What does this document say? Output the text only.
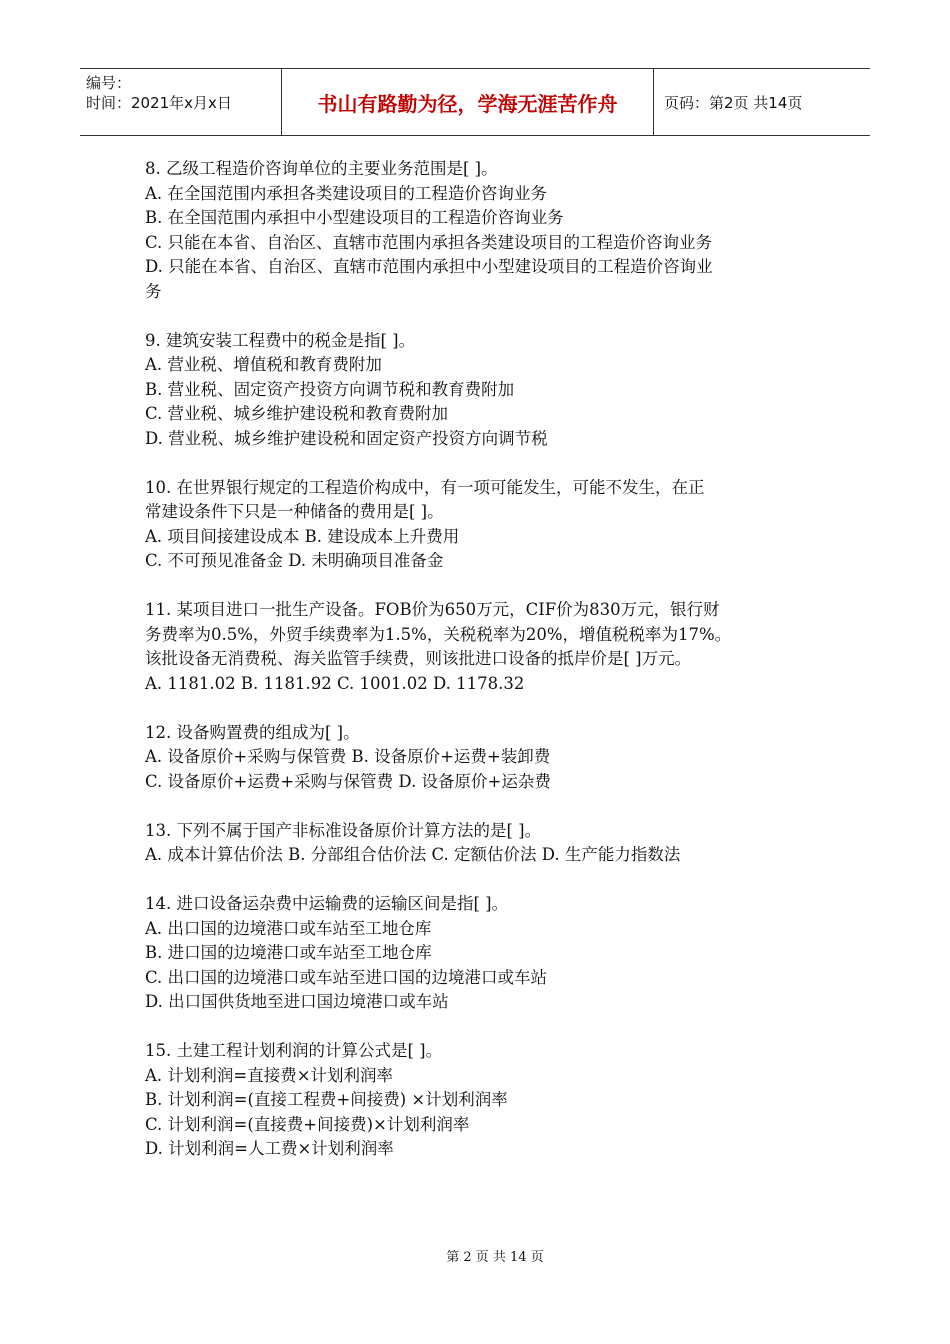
编号：
时间：2021年x月x日	书山有路勤为径，学海无涯苦作舟	页码：第2页 共14页
8. 乙级工程造价咨询单位的主要业务范围是[ ]。
A. 在全国范围内承担各类建设项目的工程造价咨询业务
B. 在全国范围内承担中小型建设项目的工程造价咨询业务
C. 只能在本省、自治区、直辖市范围内承担各类建设项目的工程造价咨询业务
D. 只能在本省、自治区、直辖市范围内承担中小型建设项目的工程造价咨询业
务
9. 建筑安装工程费中的税金是指[ ]。
A. 营业税、增值税和教育费附加
B. 营业税、固定资产投资方向调节税和教育费附加
C. 营业税、城乡维护建设税和教育费附加
D. 营业税、城乡维护建设税和固定资产投资方向调节税
10. 在世界银行规定的工程造价构成中，有一项可能发生，可能不发生，在正
常建设条件下只是一种储备的费用是[ ]。
A. 项目间接建设成本 B. 建设成本上升费用
C. 不可预见准备金 D. 未明确项目准备金
11. 某项目进口一批生产设备。FOB价为650万元，CIF价为830万元，银行财
务费率为0.5%，外贸手续费率为1.5%，关税税率为20%，增值税税率为17%。
该批设备无消费税、海关监管手续费，则该批进口设备的抵岸价是[ ]万元。
A. 1181.02 B. 1181.92 C. 1001.02 D. 1178.32
12. 设备购置费的组成为[ ]。
A. 设备原价+采购与保管费 B. 设备原价+运费+装卸费
C. 设备原价+运费+采购与保管费 D. 设备原价+运杂费
13. 下列不属于国产非标准设备原价计算方法的是[ ]。
A. 成本计算估价法 B. 分部组合估价法 C. 定额估价法 D. 生产能力指数法
14. 进口设备运杂费中运输费的运输区间是指[ ]。
A. 出口国的边境港口或车站至工地仓库
B. 进口国的边境港口或车站至工地仓库
C. 出口国的边境港口或车站至进口国的边境港口或车站
D. 出口国供货地至进口国边境港口或车站
15. 土建工程计划利润的计算公式是[ ]。
A. 计划利润=直接费×计划利润率
B. 计划利润=(直接工程费+间接费) ×计划利润率
C. 计划利润=(直接费+间接费)×计划利润率
D. 计划利润=人工费×计划利润率
第 2 页 共 14 页
